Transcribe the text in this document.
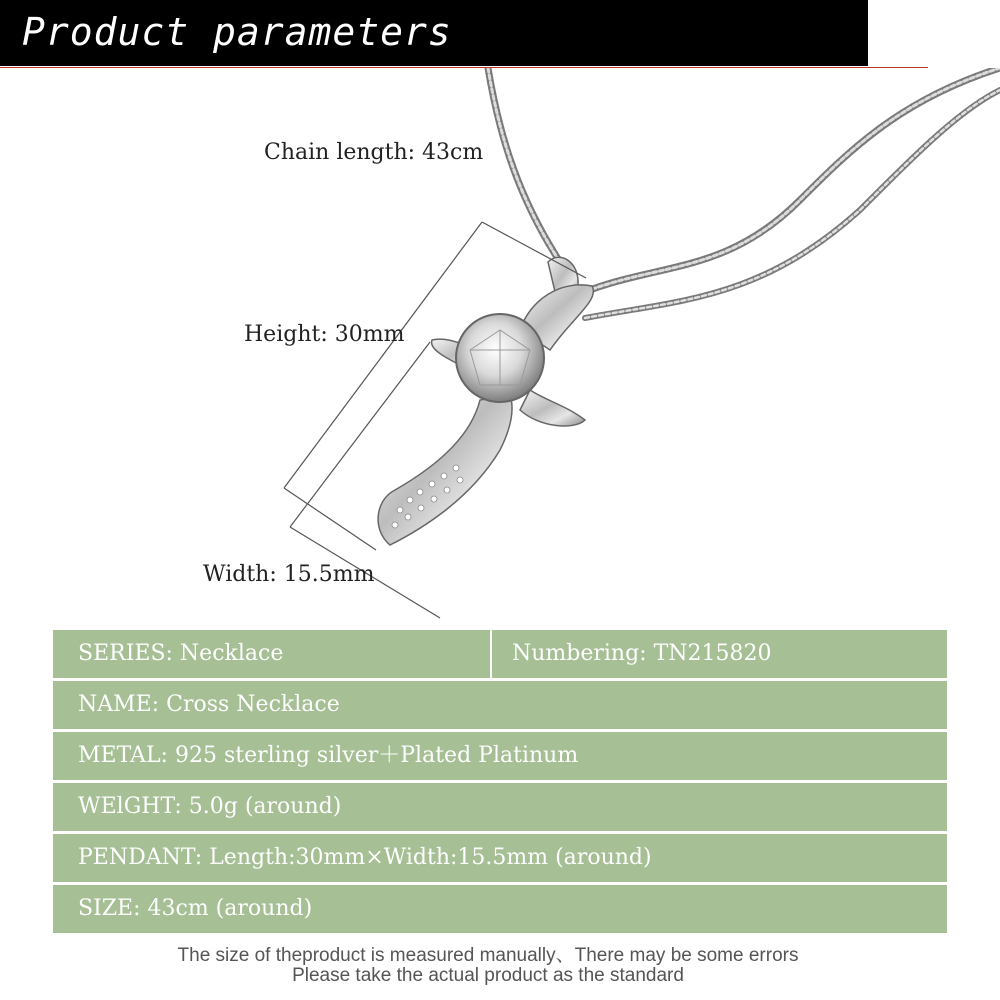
Product parameters
Chain length: 43cm
Height: 30mm
Width: 15.5mm
SERIES: Necklace	Numbering: TN215820
NAME: Cross Necklace
METAL: 925 sterling silver＋Plated Platinum
WElGHT: 5.0g (around)
PENDANT: Length:30mm×Width:15.5mm (around)
SIZE: 43cm (around)
The size of theproduct is measured manually、There may be some errors
Please take the actual product as the standard
